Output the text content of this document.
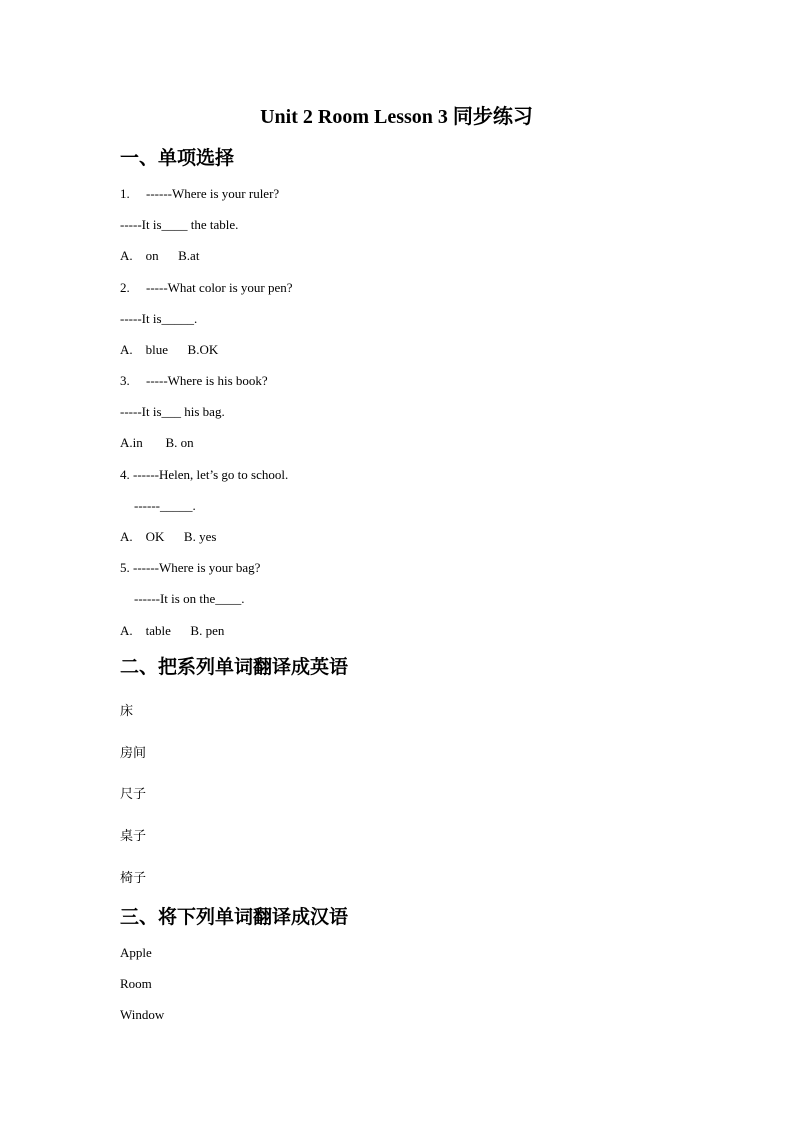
Unit 2 Room Lesson 3 同步练习
一、单项选择
1.     ------Where is your ruler?
-----It is____ the table.
A.    on      B.at
2.     -----What color is your pen?
-----It is_____.
A.    blue      B.OK
3.     -----Where is his book?
-----It is___ his bag.
A.in       B. on
4. ------Helen, let’s go to school.
------_____.
A.    OK      B. yes
5. ------Where is your bag?
------It is on the____.
A.    table      B. pen
二、把系列单词翻译成英语
床
房间
尺子
桌子
椅子
三、将下列单词翻译成汉语
Apple
Room
Window
